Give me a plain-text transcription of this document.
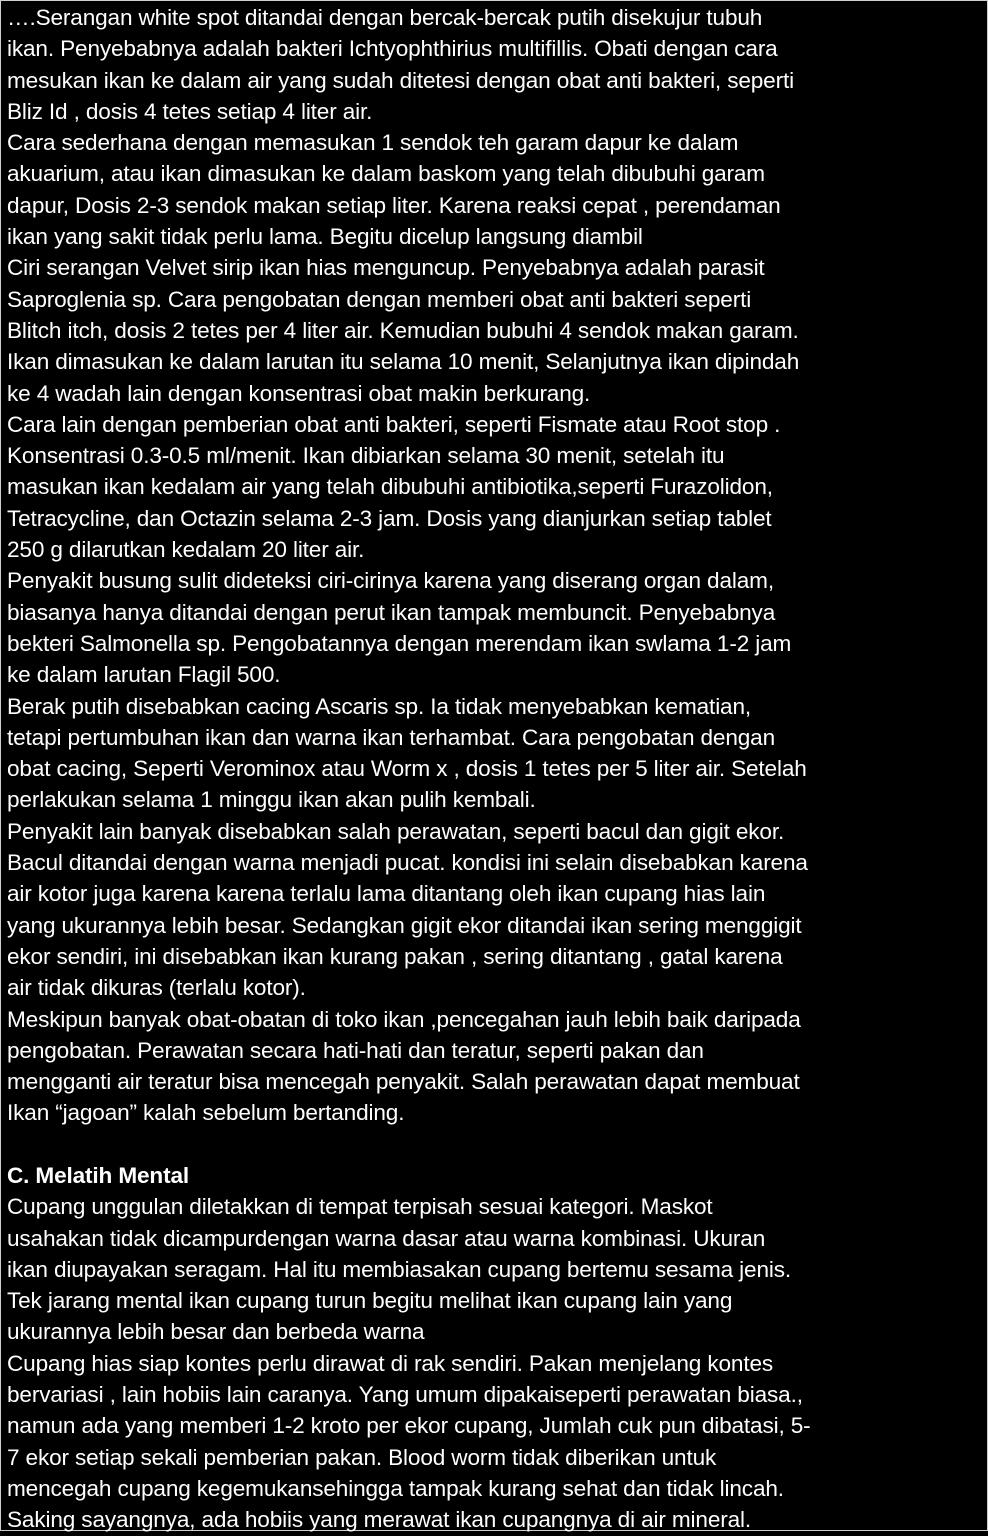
….Serangan white spot ditandai dengan bercak-bercak putih disekujur tubuh
ikan. Penyebabnya adalah bakteri Ichtyophthirius multifillis. Obati dengan cara
mesukan ikan ke dalam air yang sudah ditetesi dengan obat anti bakteri, seperti
Bliz Id , dosis 4 tetes setiap 4 liter air.
Cara sederhana dengan memasukan 1 sendok teh garam dapur ke dalam
akuarium, atau ikan dimasukan ke dalam baskom yang telah dibubuhi garam
dapur, Dosis 2-3 sendok makan setiap liter. Karena reaksi cepat , perendaman
ikan yang sakit tidak perlu lama. Begitu dicelup langsung diambil
Ciri serangan Velvet sirip ikan hias menguncup. Penyebabnya adalah parasit
Saproglenia sp. Cara pengobatan dengan memberi obat anti bakteri seperti
Blitch itch, dosis 2 tetes per 4 liter air. Kemudian bubuhi 4 sendok makan garam.
Ikan dimasukan ke dalam larutan itu selama 10 menit, Selanjutnya ikan dipindah
ke 4 wadah lain dengan konsentrasi obat makin berkurang.
Cara lain dengan pemberian obat anti bakteri, seperti Fismate atau Root stop .
Konsentrasi 0.3-0.5 ml/menit. Ikan dibiarkan selama 30 menit, setelah itu
masukan ikan kedalam air yang telah dibubuhi antibiotika,seperti Furazolidon,
Tetracycline, dan Octazin selama 2-3 jam. Dosis yang dianjurkan setiap tablet
250 g dilarutkan kedalam 20 liter air.
Penyakit busung sulit dideteksi ciri-cirinya karena yang diserang organ dalam,
biasanya hanya ditandai dengan perut ikan tampak membuncit. Penyebabnya
bekteri Salmonella sp. Pengobatannya dengan merendam ikan swlama 1-2 jam
ke dalam larutan Flagil 500.
Berak putih disebabkan cacing Ascaris sp. Ia tidak menyebabkan kematian,
tetapi pertumbuhan ikan dan warna ikan terhambat. Cara pengobatan dengan
obat cacing, Seperti Verominox atau Worm x , dosis 1 tetes per 5 liter air. Setelah
perlakukan selama 1 minggu ikan akan pulih kembali.
Penyakit lain banyak disebabkan salah perawatan, seperti bacul dan gigit ekor.
Bacul ditandai dengan warna menjadi pucat. kondisi ini selain disebabkan karena
air kotor juga karena karena terlalu lama ditantang oleh ikan cupang hias lain
yang ukurannya lebih besar. Sedangkan gigit ekor ditandai ikan sering menggigit
ekor sendiri, ini disebabkan ikan kurang pakan , sering ditantang , gatal karena
air tidak dikuras (terlalu kotor).
Meskipun banyak obat-obatan di toko ikan ,pencegahan jauh lebih baik daripada
pengobatan. Perawatan secara hati-hati dan teratur, seperti pakan dan
mengganti air teratur bisa mencegah penyakit. Salah perawatan dapat membuat
Ikan “jagoan” kalah sebelum bertanding.
C. Melatih Mental
Cupang unggulan diletakkan di tempat terpisah sesuai kategori. Maskot
usahakan tidak dicampurdengan warna dasar atau warna kombinasi. Ukuran
ikan diupayakan seragam. Hal itu membiasakan cupang bertemu sesama jenis.
Tek jarang mental ikan cupang turun begitu melihat ikan cupang lain yang
ukurannya lebih besar dan berbeda warna
Cupang hias siap kontes perlu dirawat di rak sendiri. Pakan menjelang kontes
bervariasi , lain hobiis lain caranya. Yang umum dipakaiseperti perawatan biasa.,
namun ada yang memberi 1-2 kroto per ekor cupang, Jumlah cuk pun dibatasi, 5-
7 ekor setiap sekali pemberian pakan. Blood worm tidak diberikan untuk
mencegah cupang kegemukansehingga tampak kurang sehat dan tidak lincah.
Saking sayangnya, ada hobiis yang merawat ikan cupangnya di air mineral.
